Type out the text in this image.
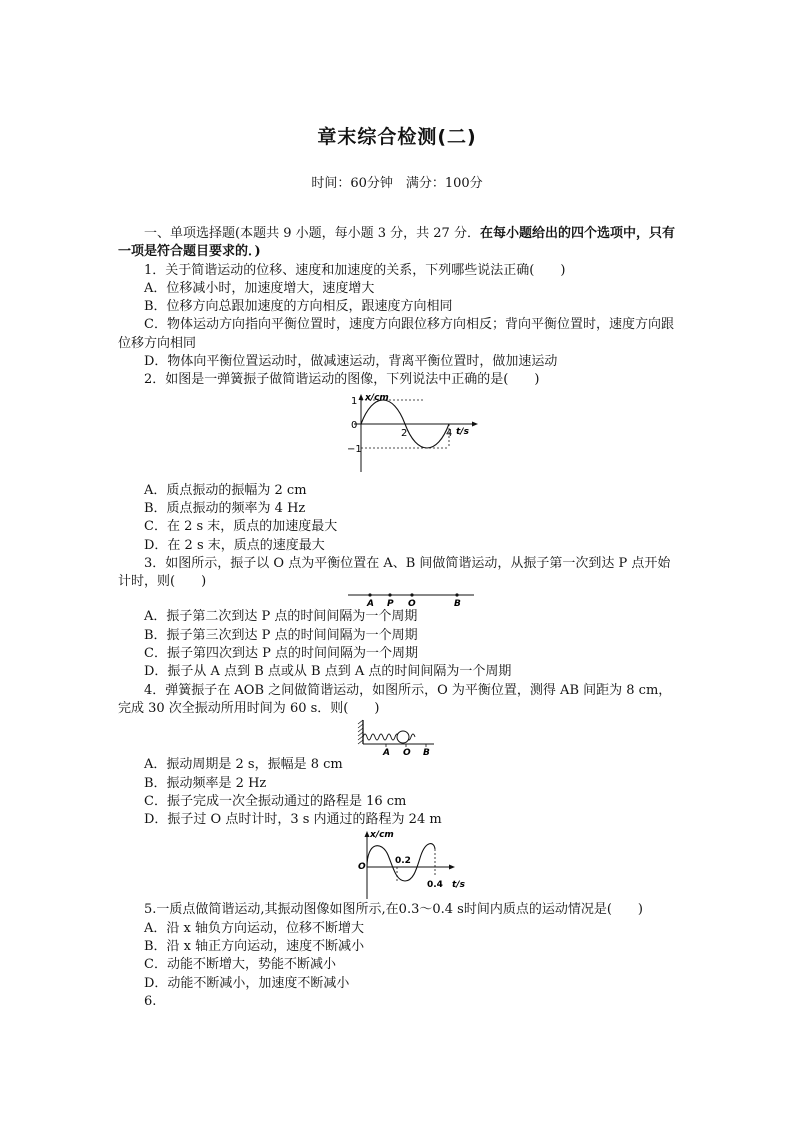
章末综合检测(二)
时间：60分钟　满分：100分

一、单项选择题(本题共 9 小题，每小题 3 分，共 27 分．在每小题给出的四个选项中，只有一项是符合题目要求的．)

1．关于简谐运动的位移、速度和加速度的关系，下列哪些说法正确(　　)

A．位移减小时，加速度增大，速度增大

B．位移方向总跟加速度的方向相反，跟速度方向相同

C．物体运动方向指向平衡位置时，速度方向跟位移方向相反；背向平衡位置时，速度方向跟位移方向相同

D．物体向平衡位置运动时，做减速运动，背离平衡位置时，做加速运动

2．如图是一弹簧振子做简谐运动的图像，下列说法中正确的是(　　)

x/cm
t/s
1
0
−1
2	4

A．质点振动的振幅为 2 cm

B．质点振动的频率为 4 Hz

C．在 2 s 末，质点的加速度最大

D．在 2 s 末，质点的速度最大

3．如图所示，振子以 O 点为平衡位置在 A、B 间做简谐运动，从振子第一次到达 P 点开始计时，则(　　)

A P O	B

A．振子第二次到达 P 点的时间间隔为一个周期

B．振子第三次到达 P 点的时间间隔为一个周期

C．振子第四次到达 P 点的时间间隔为一个周期

D．振子从 A 点到 B 点或从 B 点到 A 点的时间间隔为一个周期

4．弹簧振子在 AOB 之间做简谐运动，如图所示，O 为平衡位置，测得 AB 间距为 8 cm，完成 30 次全振动所用时间为 60 s．则(　　)

A O B

A．振动周期是 2 s，振幅是 8 cm

B．振动频率是 2 Hz

C．振子完成一次全振动通过的路程是 16 cm

D．振子过 O 点时计时，3 s 内通过的路程为 24 m

x/cm
t/s
O
0.2
0.4

5.一质点做简谐运动,其振动图像如图所示,在0.3～0.4 s时间内质点的运动情况是(　　)

A．沿 x 轴负方向运动，位移不断增大

B．沿 x 轴正方向运动，速度不断减小

C．动能不断增大，势能不断减小

D．动能不断减小，加速度不断减小

6.
